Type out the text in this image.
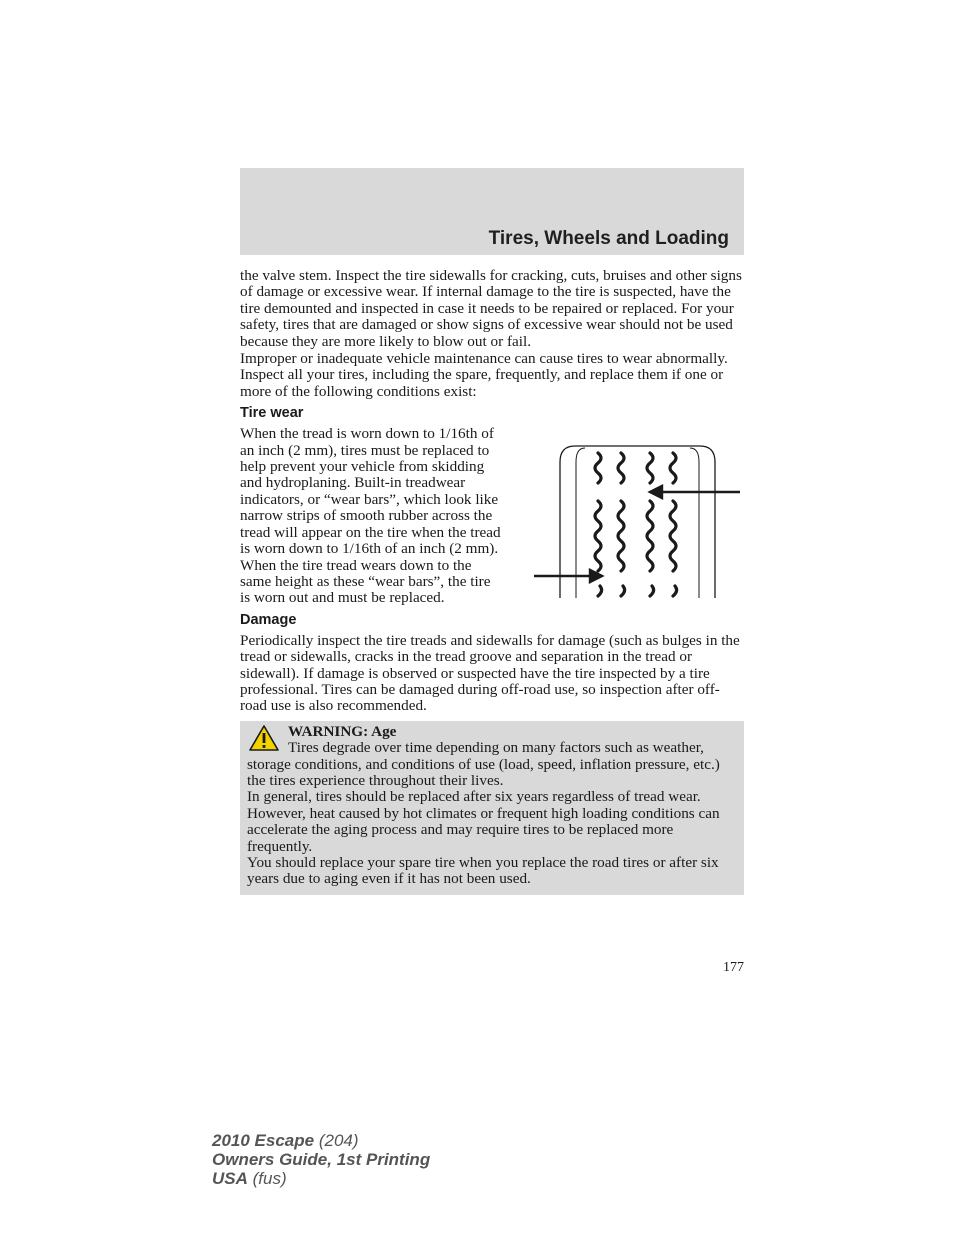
Tires, Wheels and Loading

the valve stem. Inspect the tire sidewalls for cracking, cuts, bruises and other signs of damage or excessive wear. If internal damage to the tire is suspected, have the tire demounted and inspected in case it needs to be repaired or replaced. For your safety, tires that are damaged or show signs of excessive wear should not be used because they are more likely to blow out or fail.

Improper or inadequate vehicle maintenance can cause tires to wear abnormally. Inspect all your tires, including the spare, frequently, and replace them if one or more of the following conditions exist:

Tire wear

When the tread is worn down to 1/16th of an inch (2 mm), tires must be replaced to help prevent your vehicle from skidding and hydroplaning. Built-in treadwear indicators, or “wear bars”, which look like narrow strips of smooth rubber across the tread will appear on the tire when the tread is worn down to 1/16th of an inch (2 mm). When the tire tread wears down to the same height as these “wear bars”, the tire is worn out and must be replaced.

Damage

Periodically inspect the tire treads and sidewalls for damage (such as bulges in the tread or sidewalls, cracks in the tread groove and separation in the tread or sidewall). If damage is observed or suspected have the tire inspected by a tire professional. Tires can be damaged during off-road use, so inspection after off-road use is also recommended.

WARNING: Age

Tires degrade over time depending on many factors such as weather, storage conditions, and conditions of use (load, speed, inflation pressure, etc.) the tires experience throughout their lives.

In general, tires should be replaced after six years regardless of tread wear. However, heat caused by hot climates or frequent high loading conditions can accelerate the aging process and may require tires to be replaced more frequently.

You should replace your spare tire when you replace the road tires or after six years due to aging even if it has not been used.

177
2010 Escape (204)
Owners Guide, 1st Printing
USA (fus)
